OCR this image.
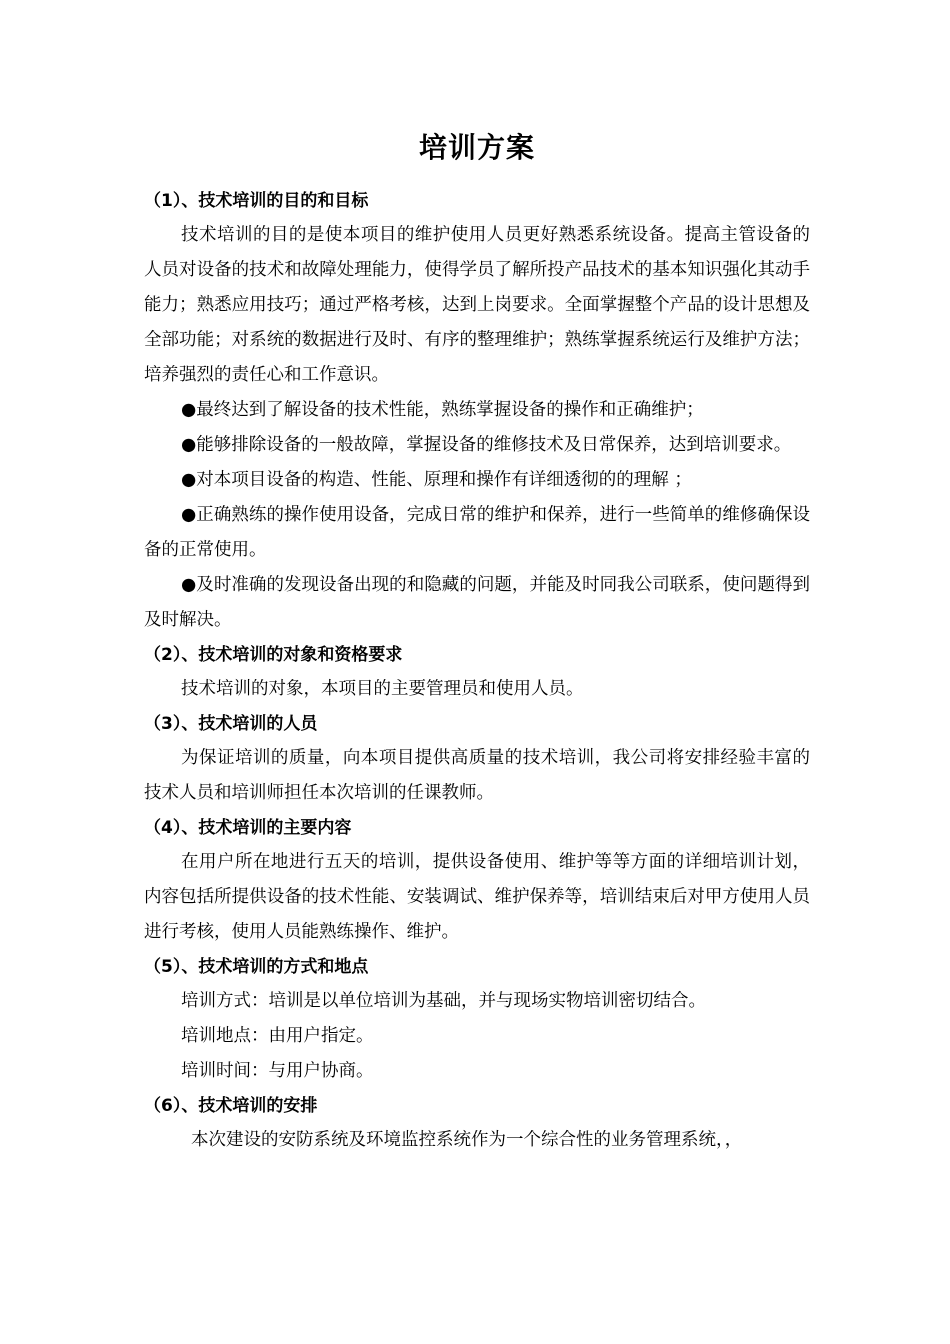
培训方案

（1）、技术培训的目的和目标

技术培训的目的是使本项目的维护使用人员更好熟悉系统设备。提高主管设备的人员对设备的技术和故障处理能力，使得学员了解所投产品技术的基本知识强化其动手能力；熟悉应用技巧；通过严格考核，达到上岗要求。全面掌握整个产品的设计思想及全部功能；对系统的数据进行及时、有序的整理维护；熟练掌握系统运行及维护方法；培养强烈的责任心和工作意识。

●最终达到了解设备的技术性能，熟练掌握设备的操作和正确维护；

●能够排除设备的一般故障，掌握设备的维修技术及日常保养，达到培训要求。

●对本项目设备的构造、性能、原理和操作有详细透彻的的理解 ；

●正确熟练的操作使用设备，完成日常的维护和保养，进行一些简单的维修确保设备的正常使用。

●及时准确的发现设备出现的和隐藏的问题，并能及时同我公司联系，使问题得到及时解决。

（2）、技术培训的对象和资格要求

技术培训的对象，本项目的主要管理员和使用人员。

（3）、技术培训的人员

为保证培训的质量，向本项目提供高质量的技术培训，我公司将安排经验丰富的技术人员和培训师担任本次培训的任课教师。

（4）、技术培训的主要内容

在用户所在地进行五天的培训，提供设备使用、维护等等方面的详细培训计划，内容包括所提供设备的技术性能、安装调试、维护保养等，培训结束后对甲方使用人员进行考核，使用人员能熟练操作、维护。

（5）、技术培训的方式和地点

培训方式：培训是以单位培训为基础，并与现场实物培训密切结合。

培训地点：由用户指定。

培训时间：与用户协商。

（6）、技术培训的安排

本次建设的安防系统及环境监控系统作为一个综合性的业务管理系统，，
